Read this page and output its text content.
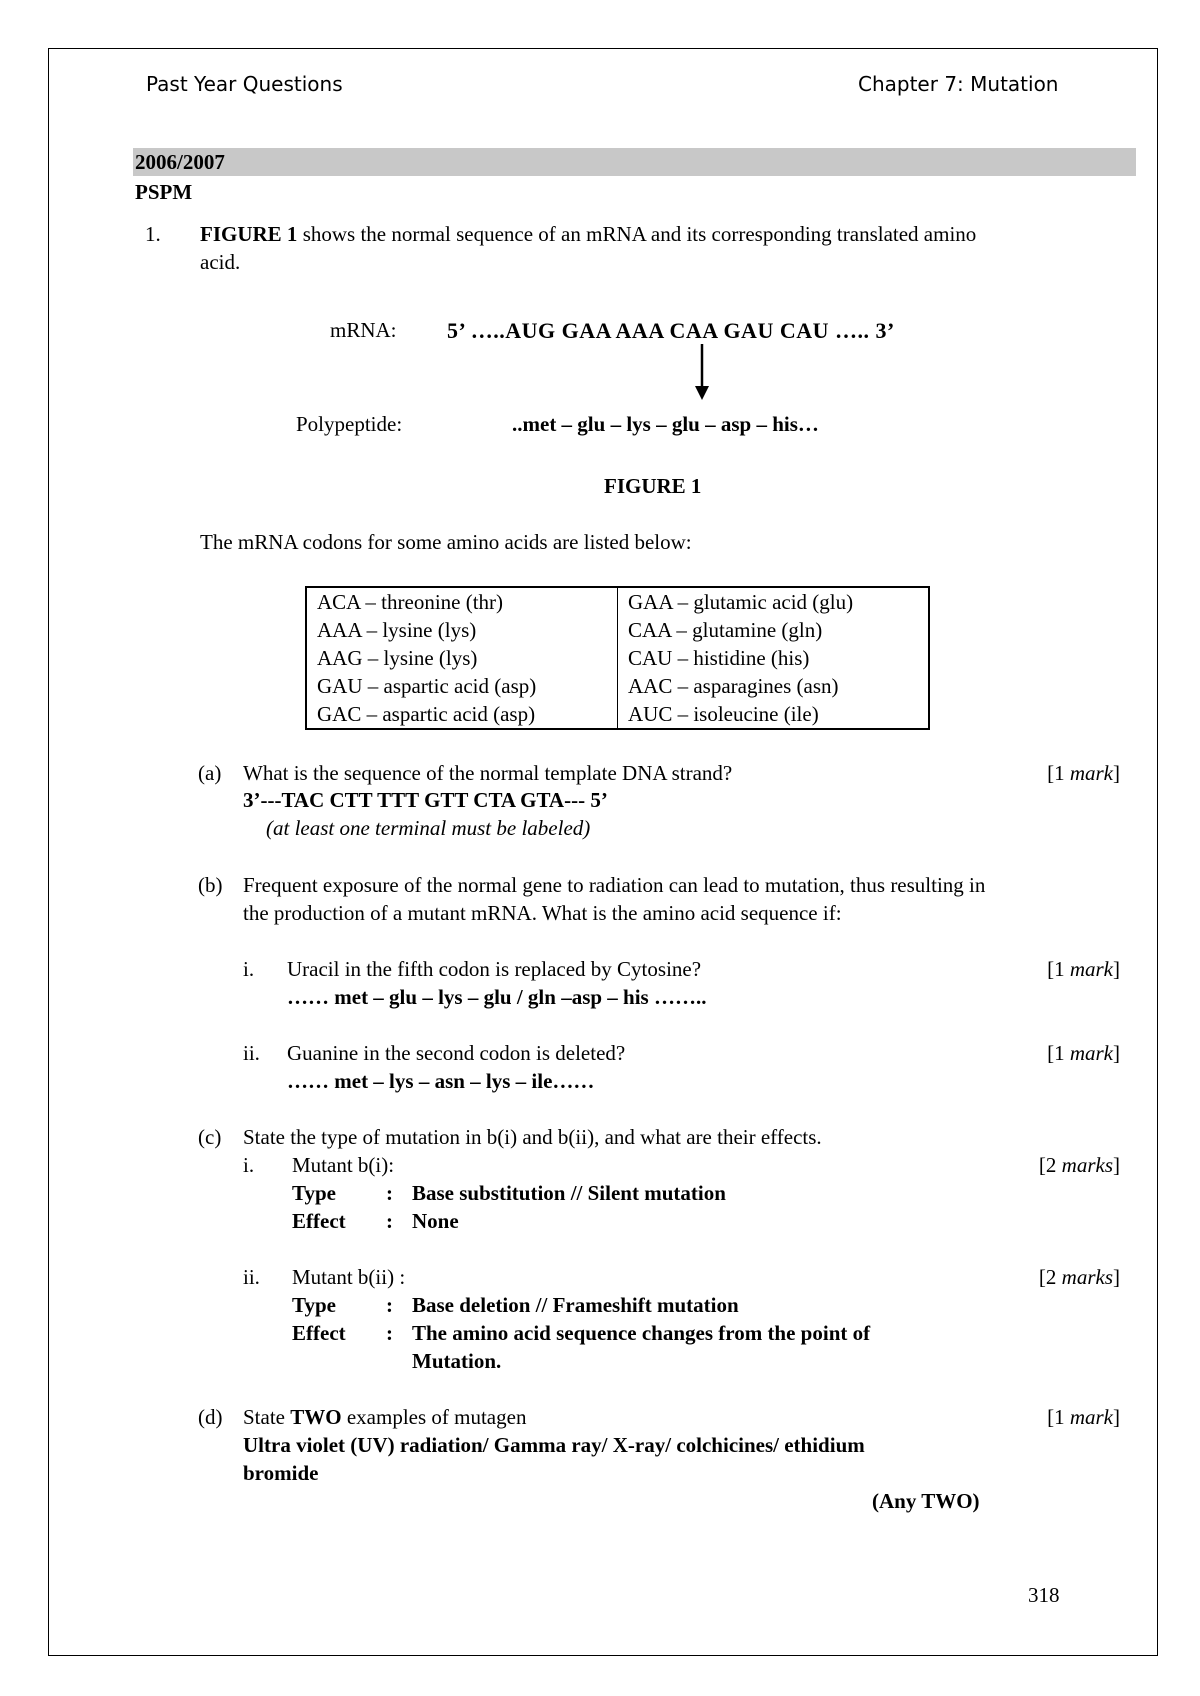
Past Year Questions	Chapter 7: Mutation
2006/2007
PSPM
1. FIGURE 1 shows the normal sequence of an mRNA and its corresponding translated amino
acid.
mRNA: 5’ …..AUG GAA AAA CAA GAU CAU ….. 3’
Polypeptide:	..met – glu – lys – glu – asp – his…
FIGURE 1
The mRNA codons for some amino acids are listed below:
ACA – threonine (thr)	GAA – glutamic acid (glu)
AAA – lysine (lys)	CAA – glutamine (gln)
AAG – lysine (lys)	CAU – histidine (his)
GAU – aspartic acid (asp)	AAC – asparagines (asn)
GAC – aspartic acid (asp)	AUC – isoleucine (ile)
(a) What is the sequence of the normal template DNA strand?	[1 mark]
3’---TAC CTT TTT GTT CTA GTA--- 5’
(at least one terminal must be labeled)
(b) Frequent exposure of the normal gene to radiation can lead to mutation, thus resulting in
the production of a mutant mRNA. What is the amino acid sequence if:
i. Uracil in the fifth codon is replaced by Cytosine?	[1 mark]
…… met – glu – lys – glu / gln –asp – his ……..
ii. Guanine in the second codon is deleted?	[1 mark]
…… met – lys – asn – lys – ile……
(c) State the type of mutation in b(i) and b(ii), and what are their effects.
i. Mutant b(i):	[2 marks]
Type : Base substitution // Silent mutation
Effect : None
ii. Mutant b(ii) :	[2 marks]
Type : Base deletion // Frameshift mutation
Effect : The amino acid sequence changes from the point of
Mutation.
(d) State TWO examples of mutagen	[1 mark]
Ultra violet (UV) radiation/ Gamma ray/ X-ray/ colchicines/ ethidium
bromide
(Any TWO)
318
